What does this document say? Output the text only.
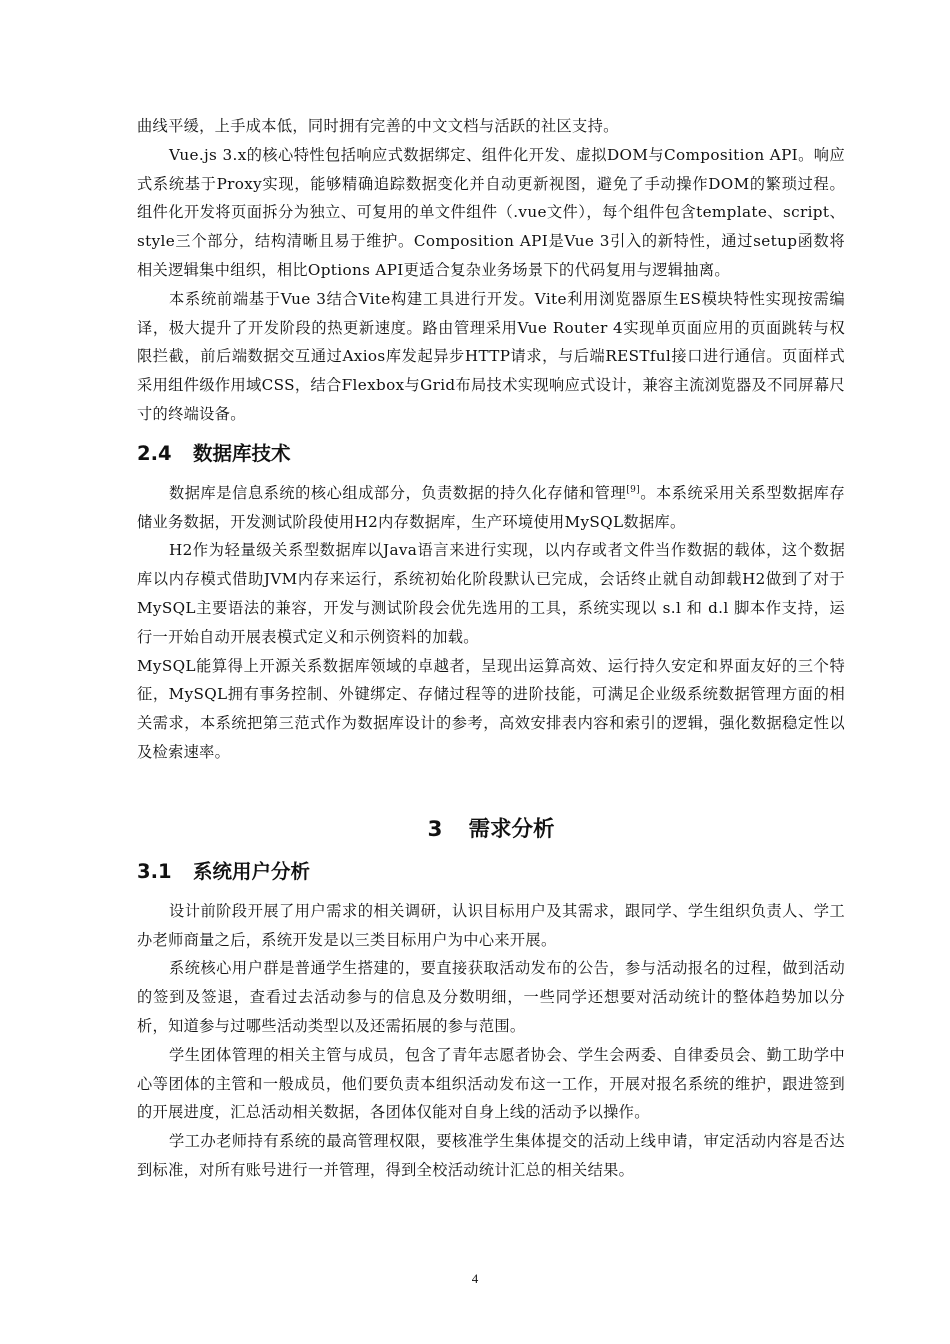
曲线平缓，上手成本低，同时拥有完善的中文文档与活跃的社区支持。

Vue.js 3.x的核心特性包括响应式数据绑定、组件化开发、虚拟DOM与Composition API。响应式系统基于Proxy实现，能够精确追踪数据变化并自动更新视图，避免了手动操作DOM的繁琐过程。组件化开发将页面拆分为独立、可复用的单文件组件（.vue文件），每个组件包含template、script、style三个部分，结构清晰且易于维护。Composition API是Vue 3引入的新特性，通过setup函数将相关逻辑集中组织，相比Options API更适合复杂业务场景下的代码复用与逻辑抽离。

本系统前端基于Vue 3结合Vite构建工具进行开发。Vite利用浏览器原生ES模块特性实现按需编译，极大提升了开发阶段的热更新速度。路由管理采用Vue Router 4实现单页面应用的页面跳转与权限拦截，前后端数据交互通过Axios库发起异步HTTP请求，与后端RESTful接口进行通信。页面样式采用组件级作用域CSS，结合Flexbox与Grid布局技术实现响应式设计，兼容主流浏览器及不同屏幕尺寸的终端设备。

2.4 数据库技术

数据库是信息系统的核心组成部分，负责数据的持久化存储和管理[9]。本系统采用关系型数据库存储业务数据，开发测试阶段使用H2内存数据库，生产环境使用MySQL数据库。

H2作为轻量级关系型数据库以Java语言来进行实现，以内存或者文件当作数据的载体，这个数据库以内存模式借助JVM内存来运行，系统初始化阶段默认已完成，会话终止就自动卸载H2做到了对于MySQL主要语法的兼容，开发与测试阶段会优先选用的工具，系统实现以 s.l 和 d.l 脚本作支持，运行一开始自动开展表模式定义和示例资料的加载。

MySQL能算得上开源关系数据库领域的卓越者，呈现出运算高效、运行持久安定和界面友好的三个特征，MySQL拥有事务控制、外键绑定、存储过程等的进阶技能，可满足企业级系统数据管理方面的相关需求，本系统把第三范式作为数据库设计的参考，高效安排表内容和索引的逻辑，强化数据稳定性以及检索速率。

3 需求分析
3.1 系统用户分析

设计前阶段开展了用户需求的相关调研，认识目标用户及其需求，跟同学、学生组织负责人、学工办老师商量之后，系统开发是以三类目标用户为中心来开展。

系统核心用户群是普通学生搭建的，要直接获取活动发布的公告，参与活动报名的过程，做到活动的签到及签退，查看过去活动参与的信息及分数明细，一些同学还想要对活动统计的整体趋势加以分析，知道参与过哪些活动类型以及还需拓展的参与范围。

学生团体管理的相关主管与成员，包含了青年志愿者协会、学生会两委、自律委员会、勤工助学中心等团体的主管和一般成员，他们要负责本组织活动发布这一工作，开展对报名系统的维护，跟进签到的开展进度，汇总活动相关数据，各团体仅能对自身上线的活动予以操作。

学工办老师持有系统的最高管理权限，要核准学生集体提交的活动上线申请，审定活动内容是否达到标准，对所有账号进行一并管理，得到全校活动统计汇总的相关结果。

4
